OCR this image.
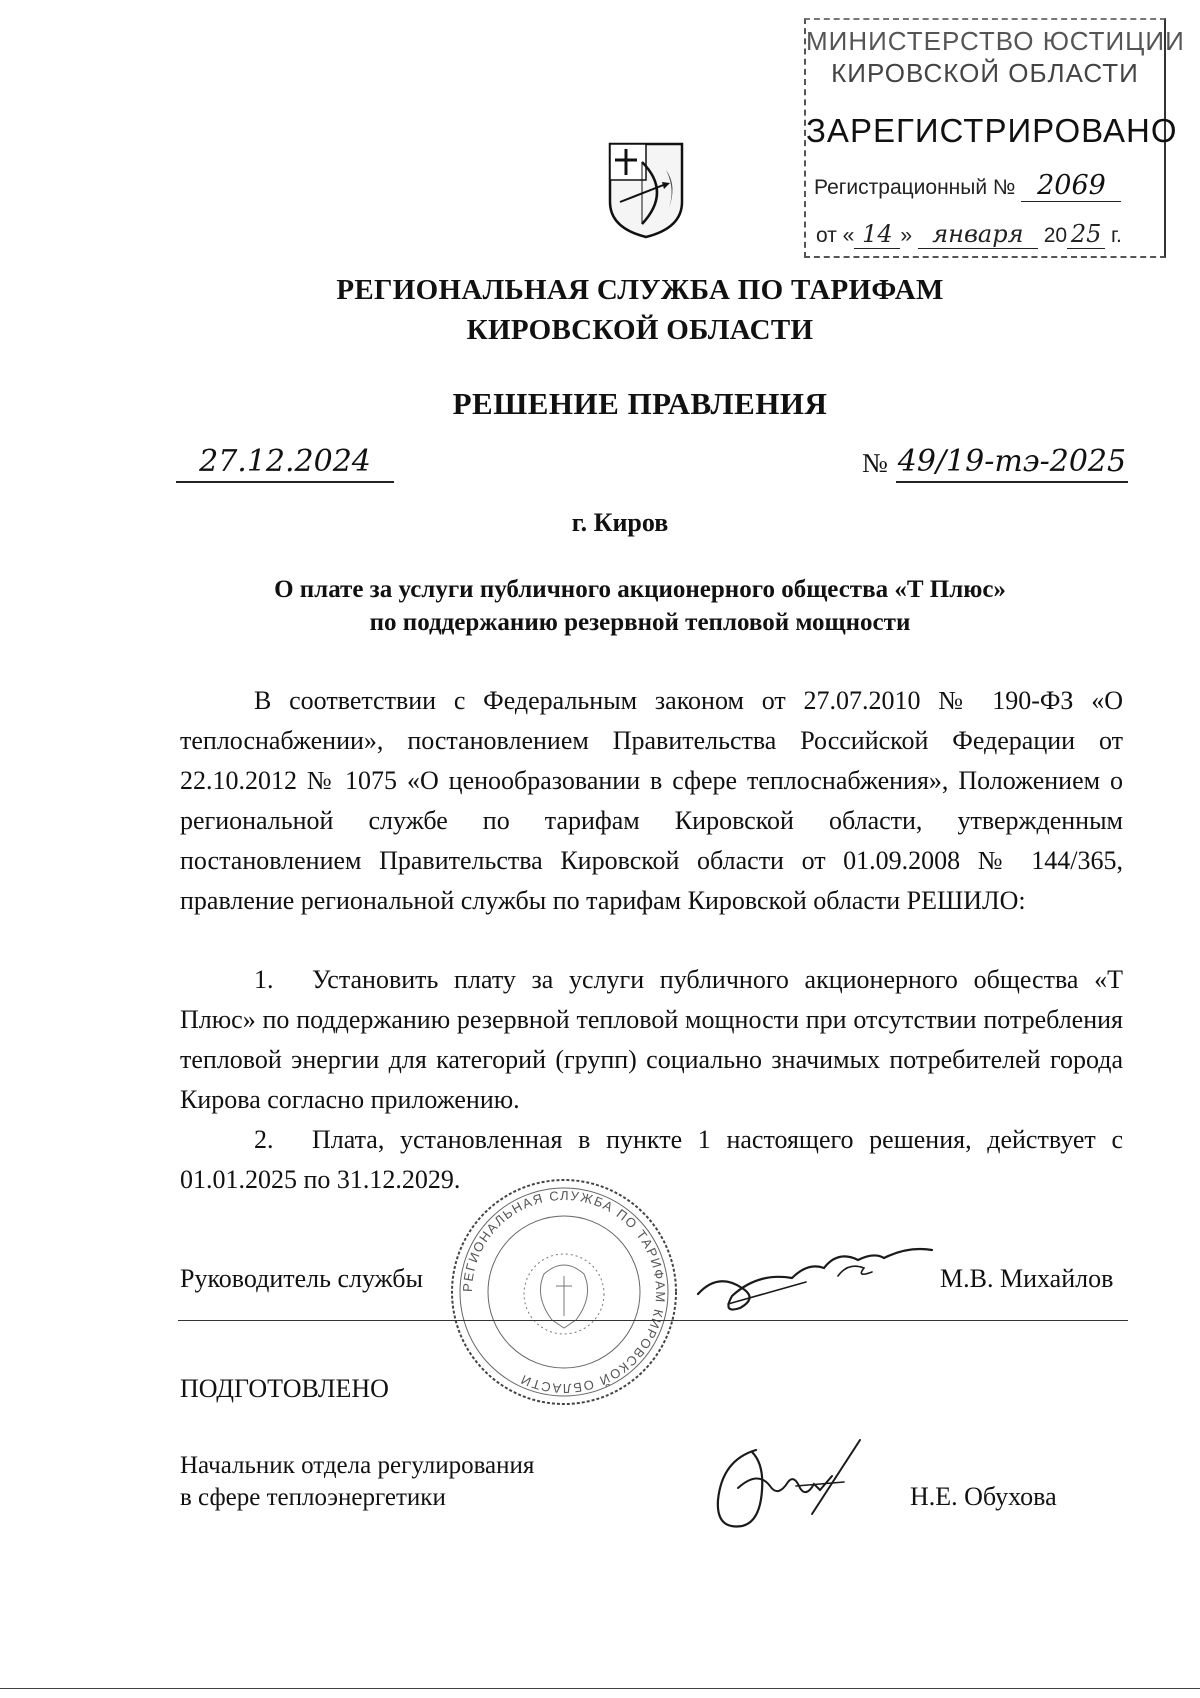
МИНИСТЕРСТВО ЮСТИЦИИ
КИРОВСКОЙ ОБЛАСТИ
ЗАРЕГИСТРИРОВАНО
Регистрационный № 2069
от « 14 » января 20 25 г.
РЕГИОНАЛЬНАЯ СЛУЖБА ПО ТАРИФАМ
КИРОВСКОЙ ОБЛАСТИ
РЕШЕНИЕ ПРАВЛЕНИЯ
27.12.2024	№ 49/19-тэ-2025
г. Киров
О плате за услуги публичного акционерного общества «Т Плюс»
по поддержанию резервной тепловой мощности
В соответствии с Федеральным законом от 27.07.2010 № 190-ФЗ «О теплоснабжении», постановлением Правительства Российской Федерации от 22.10.2012 № 1075 «О ценообразовании в сфере теплоснабжения», Положением о региональной службе по тарифам Кировской области, утвержденным постановлением Правительства Кировской области от 01.09.2008 № 144/365, правление региональной службы по тарифам Кировской области РЕШИЛО:
1. Установить плату за услуги публичного акционерного общества «Т Плюс» по поддержанию резервной тепловой мощности при отсутствии потребления тепловой энергии для категорий (групп) социально значимых потребителей города Кирова согласно приложению.
2. Плата, установленная в пункте 1 настоящего решения, действует с 01.01.2025 по 31.12.2029.
РЕГИОНАЛЬНАЯ СЛУЖБА ПО ТАРИФАМ КИРОВСКОЙ ОБЛАСТИ
Руководитель службы	М.В. Михайлов
ПОДГОТОВЛЕНО
Начальник отдела регулирования
в сфере теплоэнергетики	Н.Е. Обухова
